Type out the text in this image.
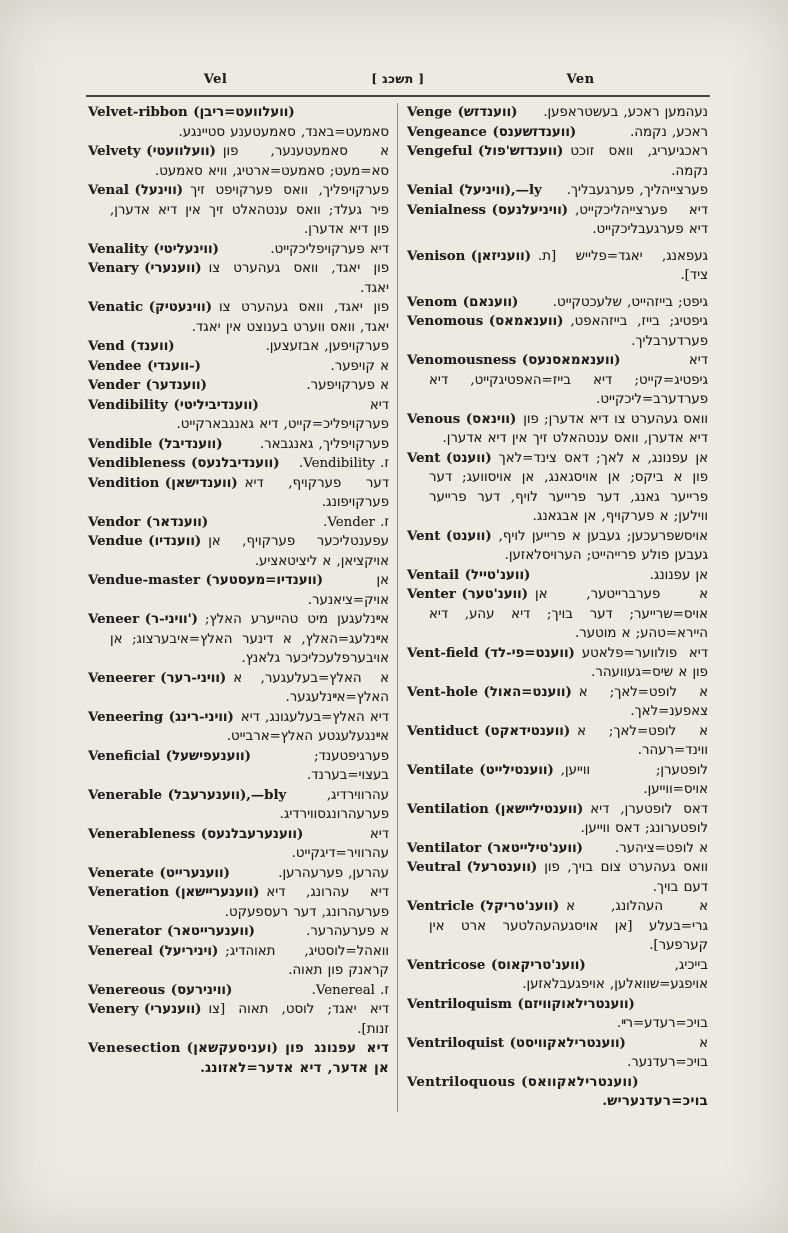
Vel	[ תשכג ]	Ven

Velvet-ribbon (וועלוועט=ריבן)
סאמעט=באנד, סאמעטענע סטיינגע.

Velvety (וועלוועטי) א סאמעטענער, פון סא=מעט; סאמעט=ארטיג, וויא סאמעט.

Venal (ווינעל) פערקויפליך, וואס פערקויפט זיך פיר געלד; וואס ענטהאלט זיך אין דיא אדערן, פון דיא אדערן.

Venality (ווינעליטי)	דיא פערקויפליכקייט.

Venary (ווענערי) פון יאגד, וואס געהערט צו יאגד.

Venatic (ווינעטיק) פון יאגד, וואס געהערט צו יאגד, וואס ווערט בענוצט אין יאגד.

Vend (ווענד)	פערקויפען, אבזעצען.

Vendee (ווענדי-)	א קויפער.

Vender (ווענדער)	א פערקויפער.

Vendibility (ווענדיביליטי)	דיא פערקויפליכ=קייט, דיא גאנגבארקייט.

Vendible (ווענדיבל)	פערקויפליך, גאנגבאר.

Vendibleness (ווענדיבלנעס)	ז. Vendibility.

Vendition (ווענדישאן) דער פערקויף, דיא פערקויפונג.

Vendor (ווענדאר)	ז. Vender.

Vendue (ווענדיו) עפענטליכער פערקויף, אן אויקציאן, א ליציטאציע.

Vendue-master (ווענדיו=מעסטער)	אן אויק=ציאנער.

Veneer (וויני-ר') אײנלעגען מיט טהייערע האלץ; אײנלעג=האלץ, א דינער האלץ=איבערצוג; אן אויבערפלעכליכער גלאנץ.

Veneerer (וויני-רער) א האלץ=בעלעגער, א האלץ=אײנלעגער.

Veneering (וויני-רינג) דיא האלץ=בעלעגונג, דיא אײנגעלעגטע האלץ=ארבייט.

Veneficial (ווענעפישעל)	פערגיפטענד; בעצוי=בערנד.

Venerable (ווענערעבל),—bly	עהרווירדיג, פערעהרונגסווירדיג.

Venerableness (ווענערעבלנעס)	דיא עהרוויר=דיגקייט.

Venerate (ווענערייט)	עהרען, פערעהרען.

Veneration (ווענערײשאן) דיא עהרונג, דיא פערעהרונג, דער רעספעקט.

Venerator (ווענערייטאר)	א פערעהרער.

Venereal (ויניריעל) וואהל=לוסטיג, תאוהדיג; קראנק פון תאוה.

Venereous (ווינירעס)	ז. Venereal.

Venery (ווענערי) דיא יאגד; לוסט, תאוה [צו זנות].

Venesection (ועניסעקשאן) דיא עפנונג פון אן אדער, דיא אדער=לאזונג.

Venge (ווענדזש)	נעהמען ראכע, בעשטראפען.

Vengeance (ווענדזשענס)	ראכע, נקמה.

Vengeful (ווענדזש'פול) ראכגיעריג, וואס זוכט נקמה.

Venial (וויניעל),—ly	פערצייהליך, פערגעבליך.

Venialness (וויניעלנעס) דיא פערצייהליכקייט, דיא פערגעבליכקייט.

Venison (וועניזאן) געפאנג, יאגד=פלייש [ת. ציד].

Venom (ווענאם)	גיפט; בייזהייט, שלעכטקייט.

Venomous (ווענאמאס) גיפטיג; בייז, בייזהאפט, פערדערבליך.

Venomousness (ווענאמאסנעס)	דיא גיפטיג=קייט; דיא בייז=האפטיגקייט, דיא פערדערב=ליכקייט.

Venous (ווינאס) וואס געהערט צו דיא אדערן; פון דיא אדערן, וואס ענטהאלט זיך אין דיא אדערן.

Vent (ווענט) אן עפנונג, א לאך; דאס צינד=לאך פון א ביקס; אן אויסגאנג, אן אויסוועג; דער פרייער גאנג, דער פרייער לויף, דער פרייער ווילען; א פערקויף, אן אבגאנג.

Vent (ווענט) אויסשפרעכען; געבען א פרייען לויף, געבען פולע פרייהייט; הערויסלאזען.

Ventail (ווענ'טייל)	אן עפנונג.

Venter (ווענ'טער) א פערברייטער, אן אויס=שרייער; דער בויך; דיא עהע, דיא היירא=טהע; א מוטער.

Vent-field (ווענט=פי-לד) דיא פולווער=פלאטע פון א שיס=געוועהר.

Vent-hole (ווענט=האול) א לופט=לאך; א צאפענ=לאך.

Ventiduct (ווענטידאקט) א לופט=לאך; א ווינד=רעהר.

Ventilate (ווענטילייט) לופטערן; ווייען, אויס=ווייען.

Ventilation (ווענטילײשאן) דאס לופטערן, דיא לופטערונג; דאס ווייען.

Ventilator (ווענ'טילייטאר)	א לופט=ציהער.

Veutral (ווענטרעל) וואס געהערט צום בויך, פון דעם בויך.

Ventricle (ווענ'טריקל) א העהלונג, א גרי=בעלע [אן אויסגעהעהלטער ארט אין קערפער].

Ventricose (ווענ'טריקאוס)	בייכיג, אויפגע=שוואלען, אויפגעבלאזען.

Ventriloquism (ווענטרילאוקוויזם)
בויכ=רעדע=רײ.

Ventriloquist (ווענטרילאקוויסט)	א בויכ=רעדנער.

Ventriloquous (ווענטרילאקוואס)
בויכ=רעדנעריש.
